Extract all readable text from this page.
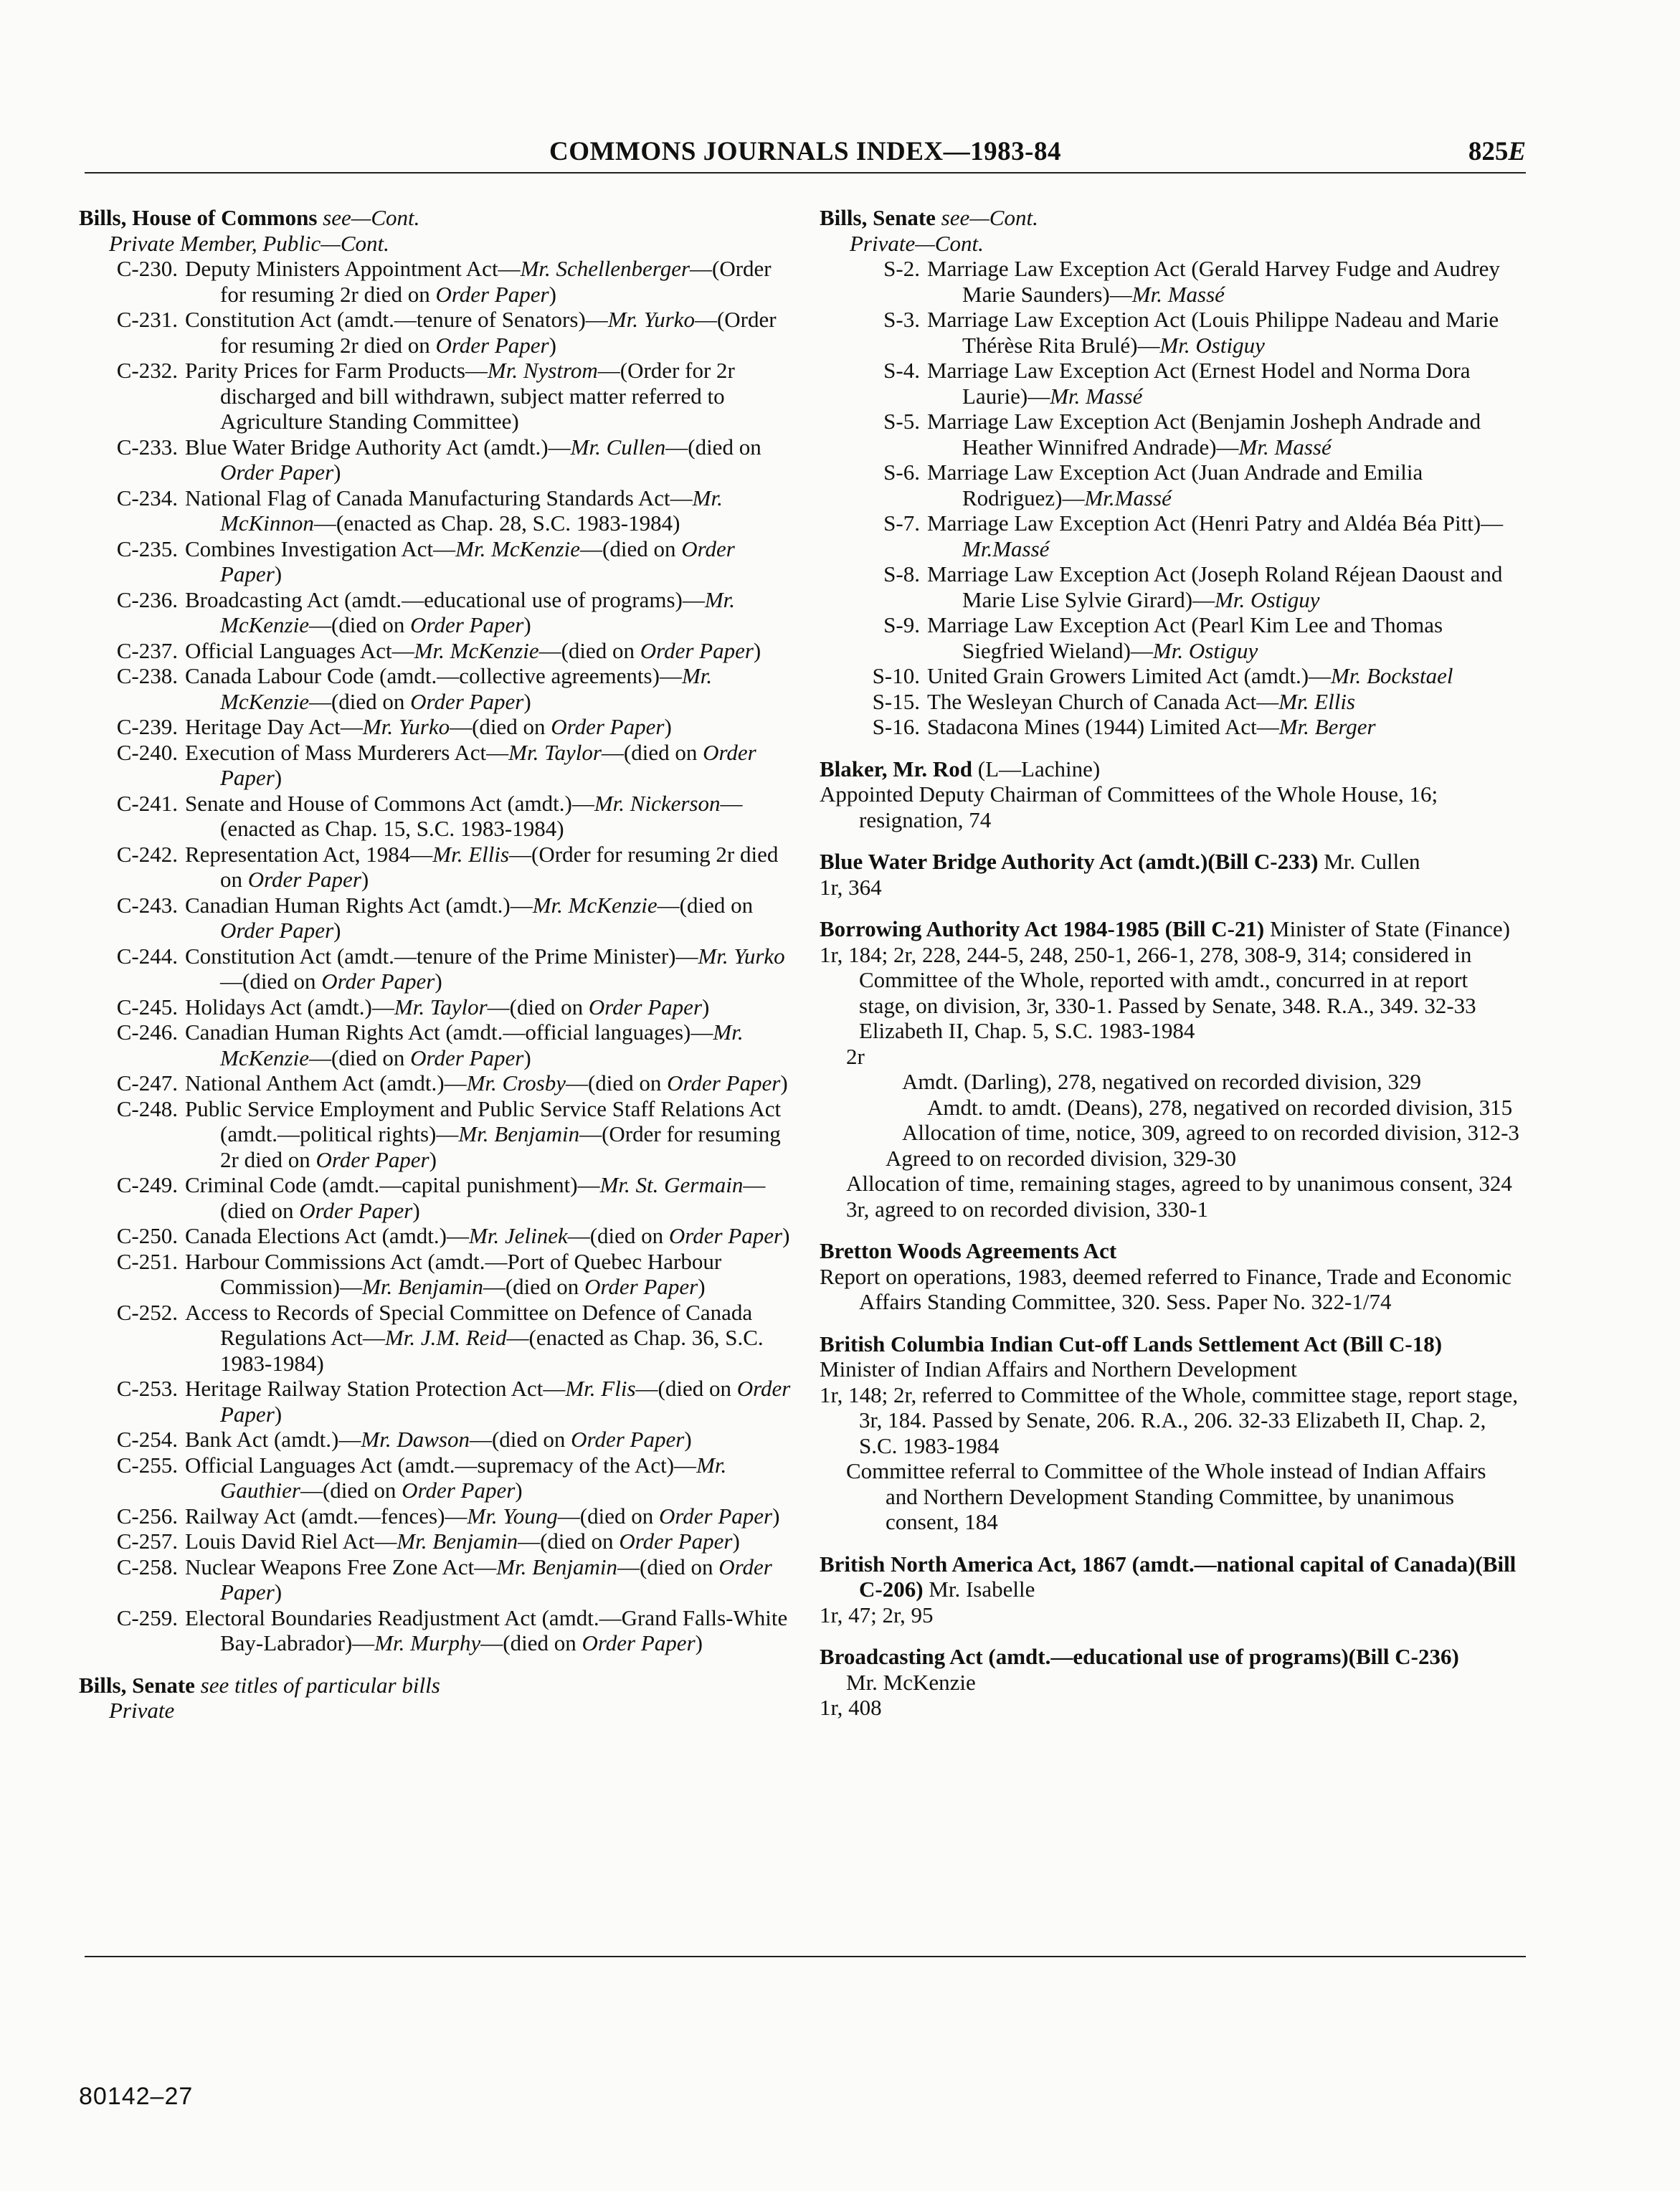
COMMONS JOURNALS INDEX—1983-84	825E
Bills, House of Commons see—Cont.
Private Member, Public—Cont.
C-230. Deputy Ministers Appointment Act—Mr. Schellenberger—(Order for resuming 2r died on Order Paper)
C-231. Constitution Act (amdt.—tenure of Senators)—Mr. Yurko—(Order for resuming 2r died on Order Paper)
C-232. Parity Prices for Farm Products—Mr. Nystrom—(Order for 2r discharged and bill withdrawn, subject matter referred to Agriculture Standing Committee)
C-233. Blue Water Bridge Authority Act (amdt.)—Mr. Cullen—(died on Order Paper)
C-234. National Flag of Canada Manufacturing Standards Act—Mr. McKinnon—(enacted as Chap. 28, S.C. 1983-1984)
C-235. Combines Investigation Act—Mr. McKenzie—(died on Order Paper)
C-236. Broadcasting Act (amdt.—educational use of programs)—Mr. McKenzie—(died on Order Paper)
C-237. Official Languages Act—Mr. McKenzie—(died on Order Paper)
C-238. Canada Labour Code (amdt.—collective agreements)—Mr. McKenzie—(died on Order Paper)
C-239. Heritage Day Act—Mr. Yurko—(died on Order Paper)
C-240. Execution of Mass Murderers Act—Mr. Taylor—(died on Order Paper)
C-241. Senate and House of Commons Act (amdt.)—Mr. Nickerson—(enacted as Chap. 15, S.C. 1983-1984)
C-242. Representation Act, 1984—Mr. Ellis—(Order for resuming 2r died on Order Paper)
C-243. Canadian Human Rights Act (amdt.)—Mr. McKenzie—(died on Order Paper)
C-244. Constitution Act (amdt.—tenure of the Prime Minister)—Mr. Yurko—(died on Order Paper)
C-245. Holidays Act (amdt.)—Mr. Taylor—(died on Order Paper)
C-246. Canadian Human Rights Act (amdt.—official languages)—Mr. McKenzie—(died on Order Paper)
C-247. National Anthem Act (amdt.)—Mr. Crosby—(died on Order Paper)
C-248. Public Service Employment and Public Service Staff Relations Act (amdt.—political rights)—Mr. Benjamin—(Order for resuming 2r died on Order Paper)
C-249. Criminal Code (amdt.—capital punishment)—Mr. St. Germain—(died on Order Paper)
C-250. Canada Elections Act (amdt.)—Mr. Jelinek—(died on Order Paper)
C-251. Harbour Commissions Act (amdt.—Port of Quebec Harbour Commission)—Mr. Benjamin—(died on Order Paper)
C-252. Access to Records of Special Committee on Defence of Canada Regulations Act—Mr. J.M. Reid—(enacted as Chap. 36, S.C. 1983-1984)
C-253. Heritage Railway Station Protection Act—Mr. Flis—(died on Order Paper)
C-254. Bank Act (amdt.)—Mr. Dawson—(died on Order Paper)
C-255. Official Languages Act (amdt.—supremacy of the Act)—Mr. Gauthier—(died on Order Paper)
C-256. Railway Act (amdt.—fences)—Mr. Young—(died on Order Paper)
C-257. Louis David Riel Act—Mr. Benjamin—(died on Order Paper)
C-258. Nuclear Weapons Free Zone Act—Mr. Benjamin—(died on Order Paper)
C-259. Electoral Boundaries Readjustment Act (amdt.—Grand Falls-White Bay-Labrador)—Mr. Murphy—(died on Order Paper)
Bills, Senate see titles of particular bills
Private
Bills, Senate see—Cont.
Private—Cont.
S-2. Marriage Law Exception Act (Gerald Harvey Fudge and Audrey Marie Saunders)—Mr. Massé
S-3. Marriage Law Exception Act (Louis Philippe Nadeau and Marie Thérèse Rita Brulé)—Mr. Ostiguy
S-4. Marriage Law Exception Act (Ernest Hodel and Norma Dora Laurie)—Mr. Massé
S-5. Marriage Law Exception Act (Benjamin Josheph Andrade and Heather Winnifred Andrade)—Mr. Massé
S-6. Marriage Law Exception Act (Juan Andrade and Emilia Rodriguez)—Mr.Massé
S-7. Marriage Law Exception Act (Henri Patry and Aldéa Béa Pitt)—Mr.Massé
S-8. Marriage Law Exception Act (Joseph Roland Réjean Daoust and Marie Lise Sylvie Girard)—Mr. Ostiguy
S-9. Marriage Law Exception Act (Pearl Kim Lee and Thomas Siegfried Wieland)—Mr. Ostiguy
S-10. United Grain Growers Limited Act (amdt.)—Mr. Bockstael
S-15. The Wesleyan Church of Canada Act—Mr. Ellis
S-16. Stadacona Mines (1944) Limited Act—Mr. Berger
Blaker, Mr. Rod (L—Lachine)
Appointed Deputy Chairman of Committees of the Whole House, 16; resignation, 74
Blue Water Bridge Authority Act (amdt.)(Bill C-233) Mr. Cullen
1r, 364
Borrowing Authority Act 1984-1985 (Bill C-21) Minister of State (Finance)
1r, 184; 2r, 228, 244-5, 248, 250-1, 266-1, 278, 308-9, 314; considered in Committee of the Whole, reported with amdt., concurred in at report stage, on division, 3r, 330-1. Passed by Senate, 348. R.A., 349. 32-33 Elizabeth II, Chap. 5, S.C. 1983-1984
2r
Amdt. (Darling), 278, negatived on recorded division, 329
Amdt. to amdt. (Deans), 278, negatived on recorded division, 315
Allocation of time, notice, 309, agreed to on recorded division, 312-3
Agreed to on recorded division, 329-30
Allocation of time, remaining stages, agreed to by unanimous consent, 324
3r, agreed to on recorded division, 330-1
Bretton Woods Agreements Act
Report on operations, 1983, deemed referred to Finance, Trade and Economic Affairs Standing Committee, 320. Sess. Paper No. 322-1/74
British Columbia Indian Cut-off Lands Settlement Act (Bill C-18)
Minister of Indian Affairs and Northern Development
1r, 148; 2r, referred to Committee of the Whole, committee stage, report stage, 3r, 184. Passed by Senate, 206. R.A., 206. 32-33 Elizabeth II, Chap. 2, S.C. 1983-1984
Committee referral to Committee of the Whole instead of Indian Affairs and Northern Development Standing Committee, by unanimous consent, 184
British North America Act, 1867 (amdt.—national capital of Canada)(Bill C-206) Mr. Isabelle
1r, 47; 2r, 95
Broadcasting Act (amdt.—educational use of programs)(Bill C-236)
Mr. McKenzie
1r, 408
80142–27
